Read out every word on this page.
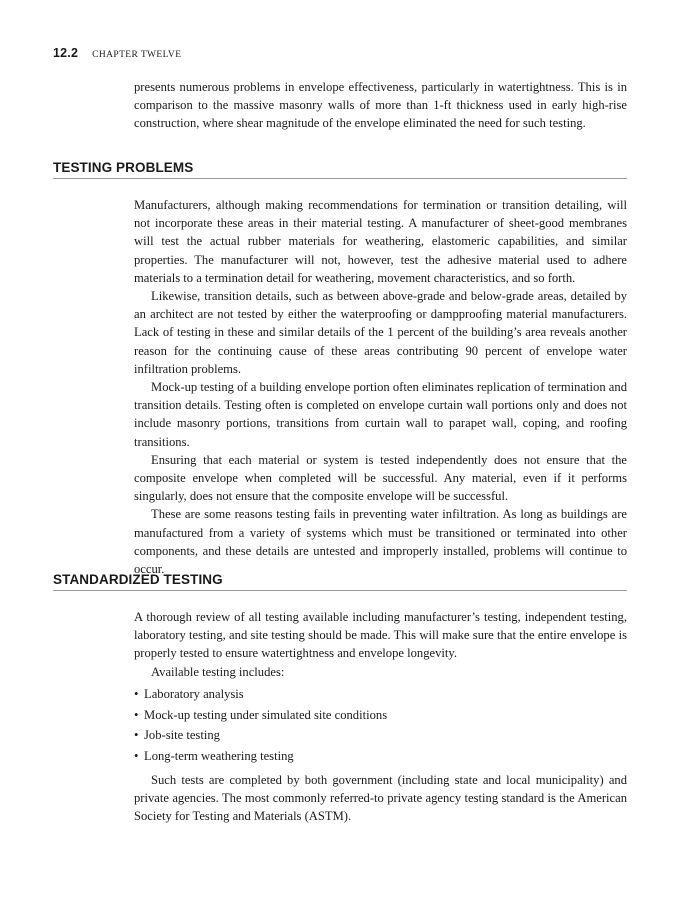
12.2 CHAPTER TWELVE

presents numerous problems in envelope effectiveness, particularly in watertightness. This is in comparison to the massive masonry walls of more than 1-ft thickness used in early high-rise construction, where shear magnitude of the envelope eliminated the need for such testing.

TESTING PROBLEMS

Manufacturers, although making recommendations for termination or transition detailing, will not incorporate these areas in their material testing. A manufacturer of sheet-good membranes will test the actual rubber materials for weathering, elastomeric capabilities, and similar properties. The manufacturer will not, however, test the adhesive material used to adhere materials to a termination detail for weathering, movement characteristics, and so forth.

Likewise, transition details, such as between above-grade and below-grade areas, detailed by an architect are not tested by either the waterproofing or dampproofing material manufacturers. Lack of testing in these and similar details of the 1 percent of the building’s area reveals another reason for the continuing cause of these areas contributing 90 percent of envelope water infiltration problems.

Mock-up testing of a building envelope portion often eliminates replication of termination and transition details. Testing often is completed on envelope curtain wall portions only and does not include masonry portions, transitions from curtain wall to parapet wall, coping, and roofing transitions.

Ensuring that each material or system is tested independently does not ensure that the composite envelope when completed will be successful. Any material, even if it performs singularly, does not ensure that the composite envelope will be successful.

These are some reasons testing fails in preventing water infiltration. As long as buildings are manufactured from a variety of systems which must be transitioned or terminated into other components, and these details are untested and improperly installed, problems will continue to occur.

STANDARDIZED TESTING

A thorough review of all testing available including manufacturer’s testing, independent testing, laboratory testing, and site testing should be made. This will make sure that the entire envelope is properly tested to ensure watertightness and envelope longevity.

Available testing includes:

• Laboratory analysis
• Mock-up testing under simulated site conditions
• Job-site testing
• Long-term weathering testing

Such tests are completed by both government (including state and local municipality) and private agencies. The most commonly referred-to private agency testing standard is the American Society for Testing and Materials (ASTM).
